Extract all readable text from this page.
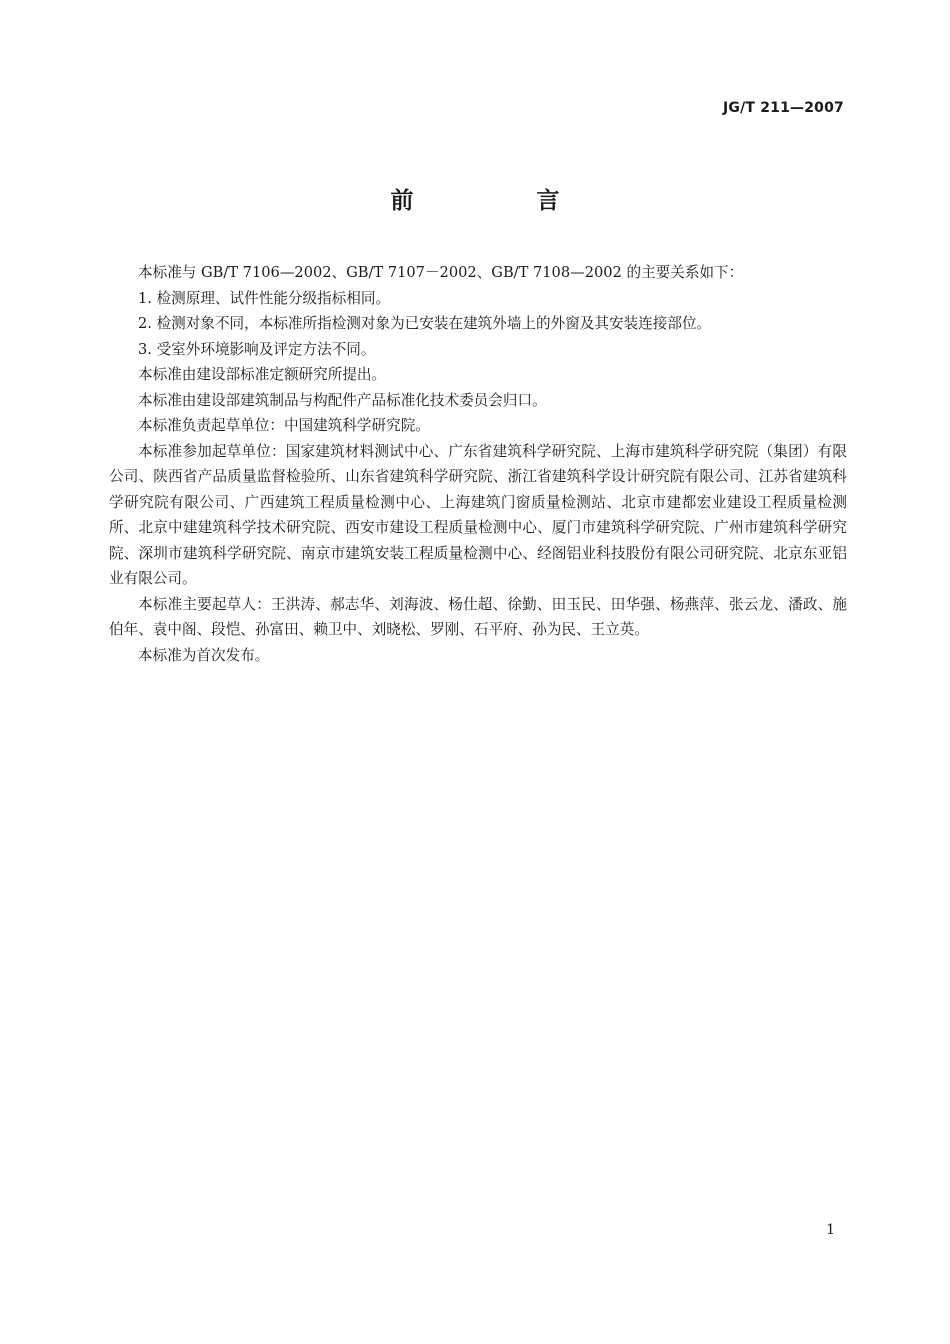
JG/T 211—2007
前　言

本标准与 GB/T 7106—2002、GB/T 7107－2002、GB/T 7108—2002 的主要关系如下：

1. 检测原理、试件性能分级指标相同。

2. 检测对象不同，本标准所指检测对象为已安装在建筑外墙上的外窗及其安装连接部位。

3. 受室外环境影响及评定方法不同。

本标准由建设部标准定额研究所提出。

本标准由建设部建筑制品与构配件产品标准化技术委员会归口。

本标准负责起草单位：中国建筑科学研究院。

本标准参加起草单位：国家建筑材料测试中心、广东省建筑科学研究院、上海市建筑科学研究院（集团）有限公司、陕西省产品质量监督检验所、山东省建筑科学研究院、浙江省建筑科学设计研究院有限公司、江苏省建筑科学研究院有限公司、广西建筑工程质量检测中心、上海建筑门窗质量检测站、北京市建都宏业建设工程质量检测所、北京中建建筑科学技术研究院、西安市建设工程质量检测中心、厦门市建筑科学研究院、广州市建筑科学研究院、深圳市建筑科学研究院、南京市建筑安装工程质量检测中心、经阁铝业科技股份有限公司研究院、北京东亚铝业有限公司。

本标准主要起草人：王洪涛、郝志华、刘海波、杨仕超、徐勤、田玉民、田华强、杨燕萍、张云龙、潘政、施伯年、袁中阁、段恺、孙富田、赖卫中、刘晓松、罗刚、石平府、孙为民、王立英。

本标准为首次发布。

1
